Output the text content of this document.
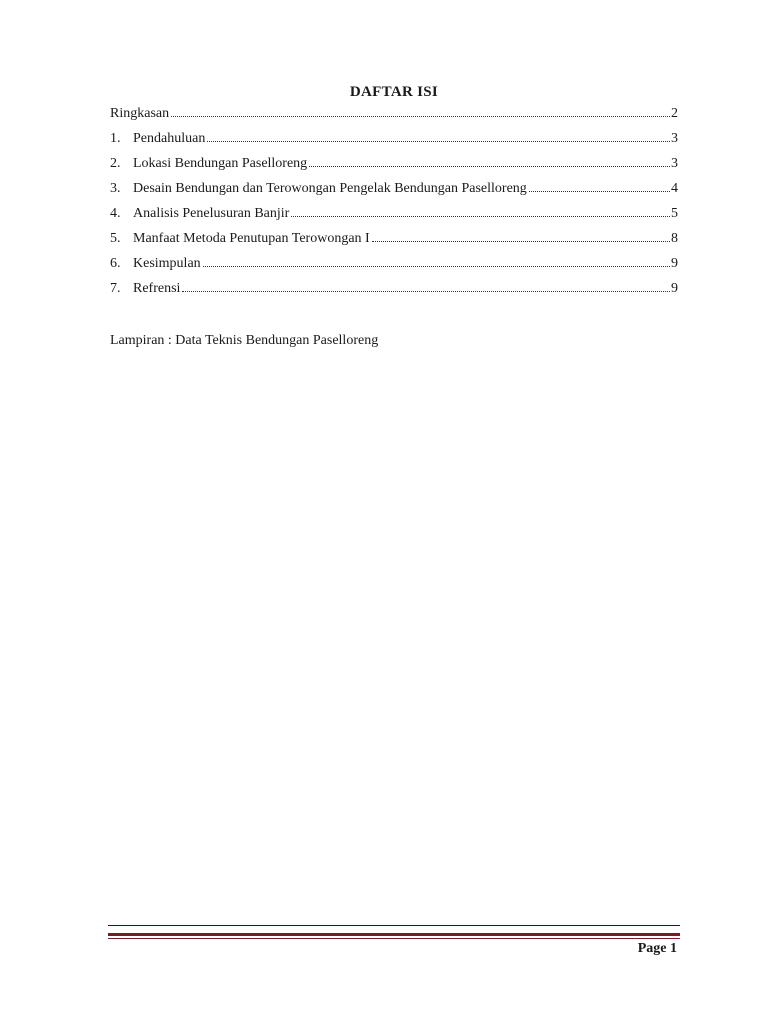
DAFTAR ISI
Ringkasan	2
1. Pendahuluan	3
2. Lokasi Bendungan Paselloreng	3
3. Desain Bendungan dan Terowongan Pengelak Bendungan Paselloreng	4
4. Analisis Penelusuran Banjir	5
5. Manfaat Metoda Penutupan Terowongan I	8
6. Kesimpulan	9
7. Refrensi	9
Lampiran : Data Teknis Bendungan Paselloreng
Page 1
